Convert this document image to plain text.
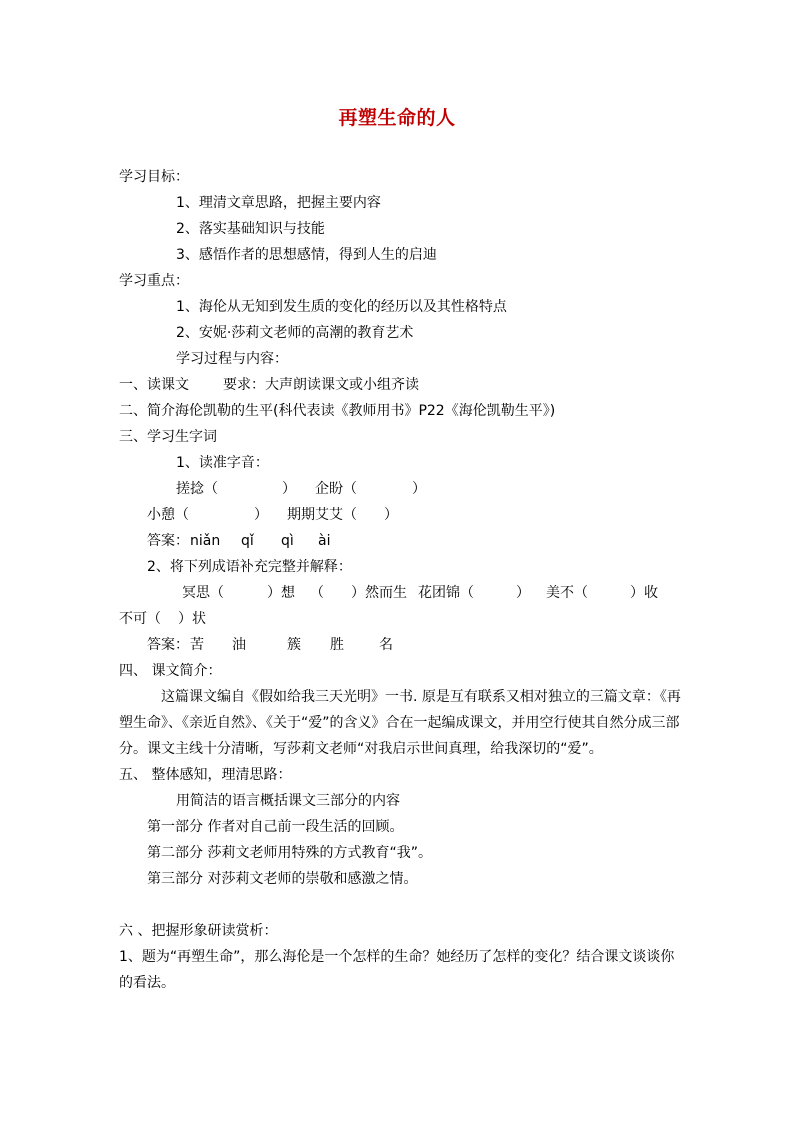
再塑生命的人
学习目标：
1、理清文章思路，把握主要内容
2、落实基础知识与技能
3、感悟作者的思想感情，得到人生的启迪
学习重点：
1、海伦从无知到发生质的变化的经历以及其性格特点
2、安妮·莎莉文老师的高潮的教育艺术
学习过程与内容：
一、读课文 要求：大声朗读课文或小组齐读
二、简介海伦凯勒的生平(科代表读《教师用书》P22《海伦凯勒生平》)
三、学习生字词
1、读准字音：
搓捻（	） 企盼（	）
小憩（	） 期期艾艾（ ）
答案： niǎn qǐ qì ài
2、将下列成语补充完整并解释：
冥思（	）想 （ ）然而生 花团锦（	） 美不（	）收
不可（ ）状
答案： 苦 油	簇 胜	名
四、 课文简介：
这篇课文编自《假如给我三天光明》一书. 原是互有联系又相对独立的三篇文章：《再塑生命》、《亲近自然》、《关于“爱”的含义》合在一起编成课文，并用空行使其自然分成三部分。课文主线十分清晰，写莎莉文老师“对我启示世间真理，给我深切的“爱”。
五、 整体感知，理清思路：
用简洁的语言概括课文三部分的内容
第一部分 作者对自己前一段生活的回顾。
第二部分 莎莉文老师用特殊的方式教育“我”。
第三部分 对莎莉文老师的崇敬和感激之情。
六 、把握形象研读赏析：
1、题为“再塑生命”，那么海伦是一个怎样的生命？她经历了怎样的变化？结合课文谈谈你的看法。
